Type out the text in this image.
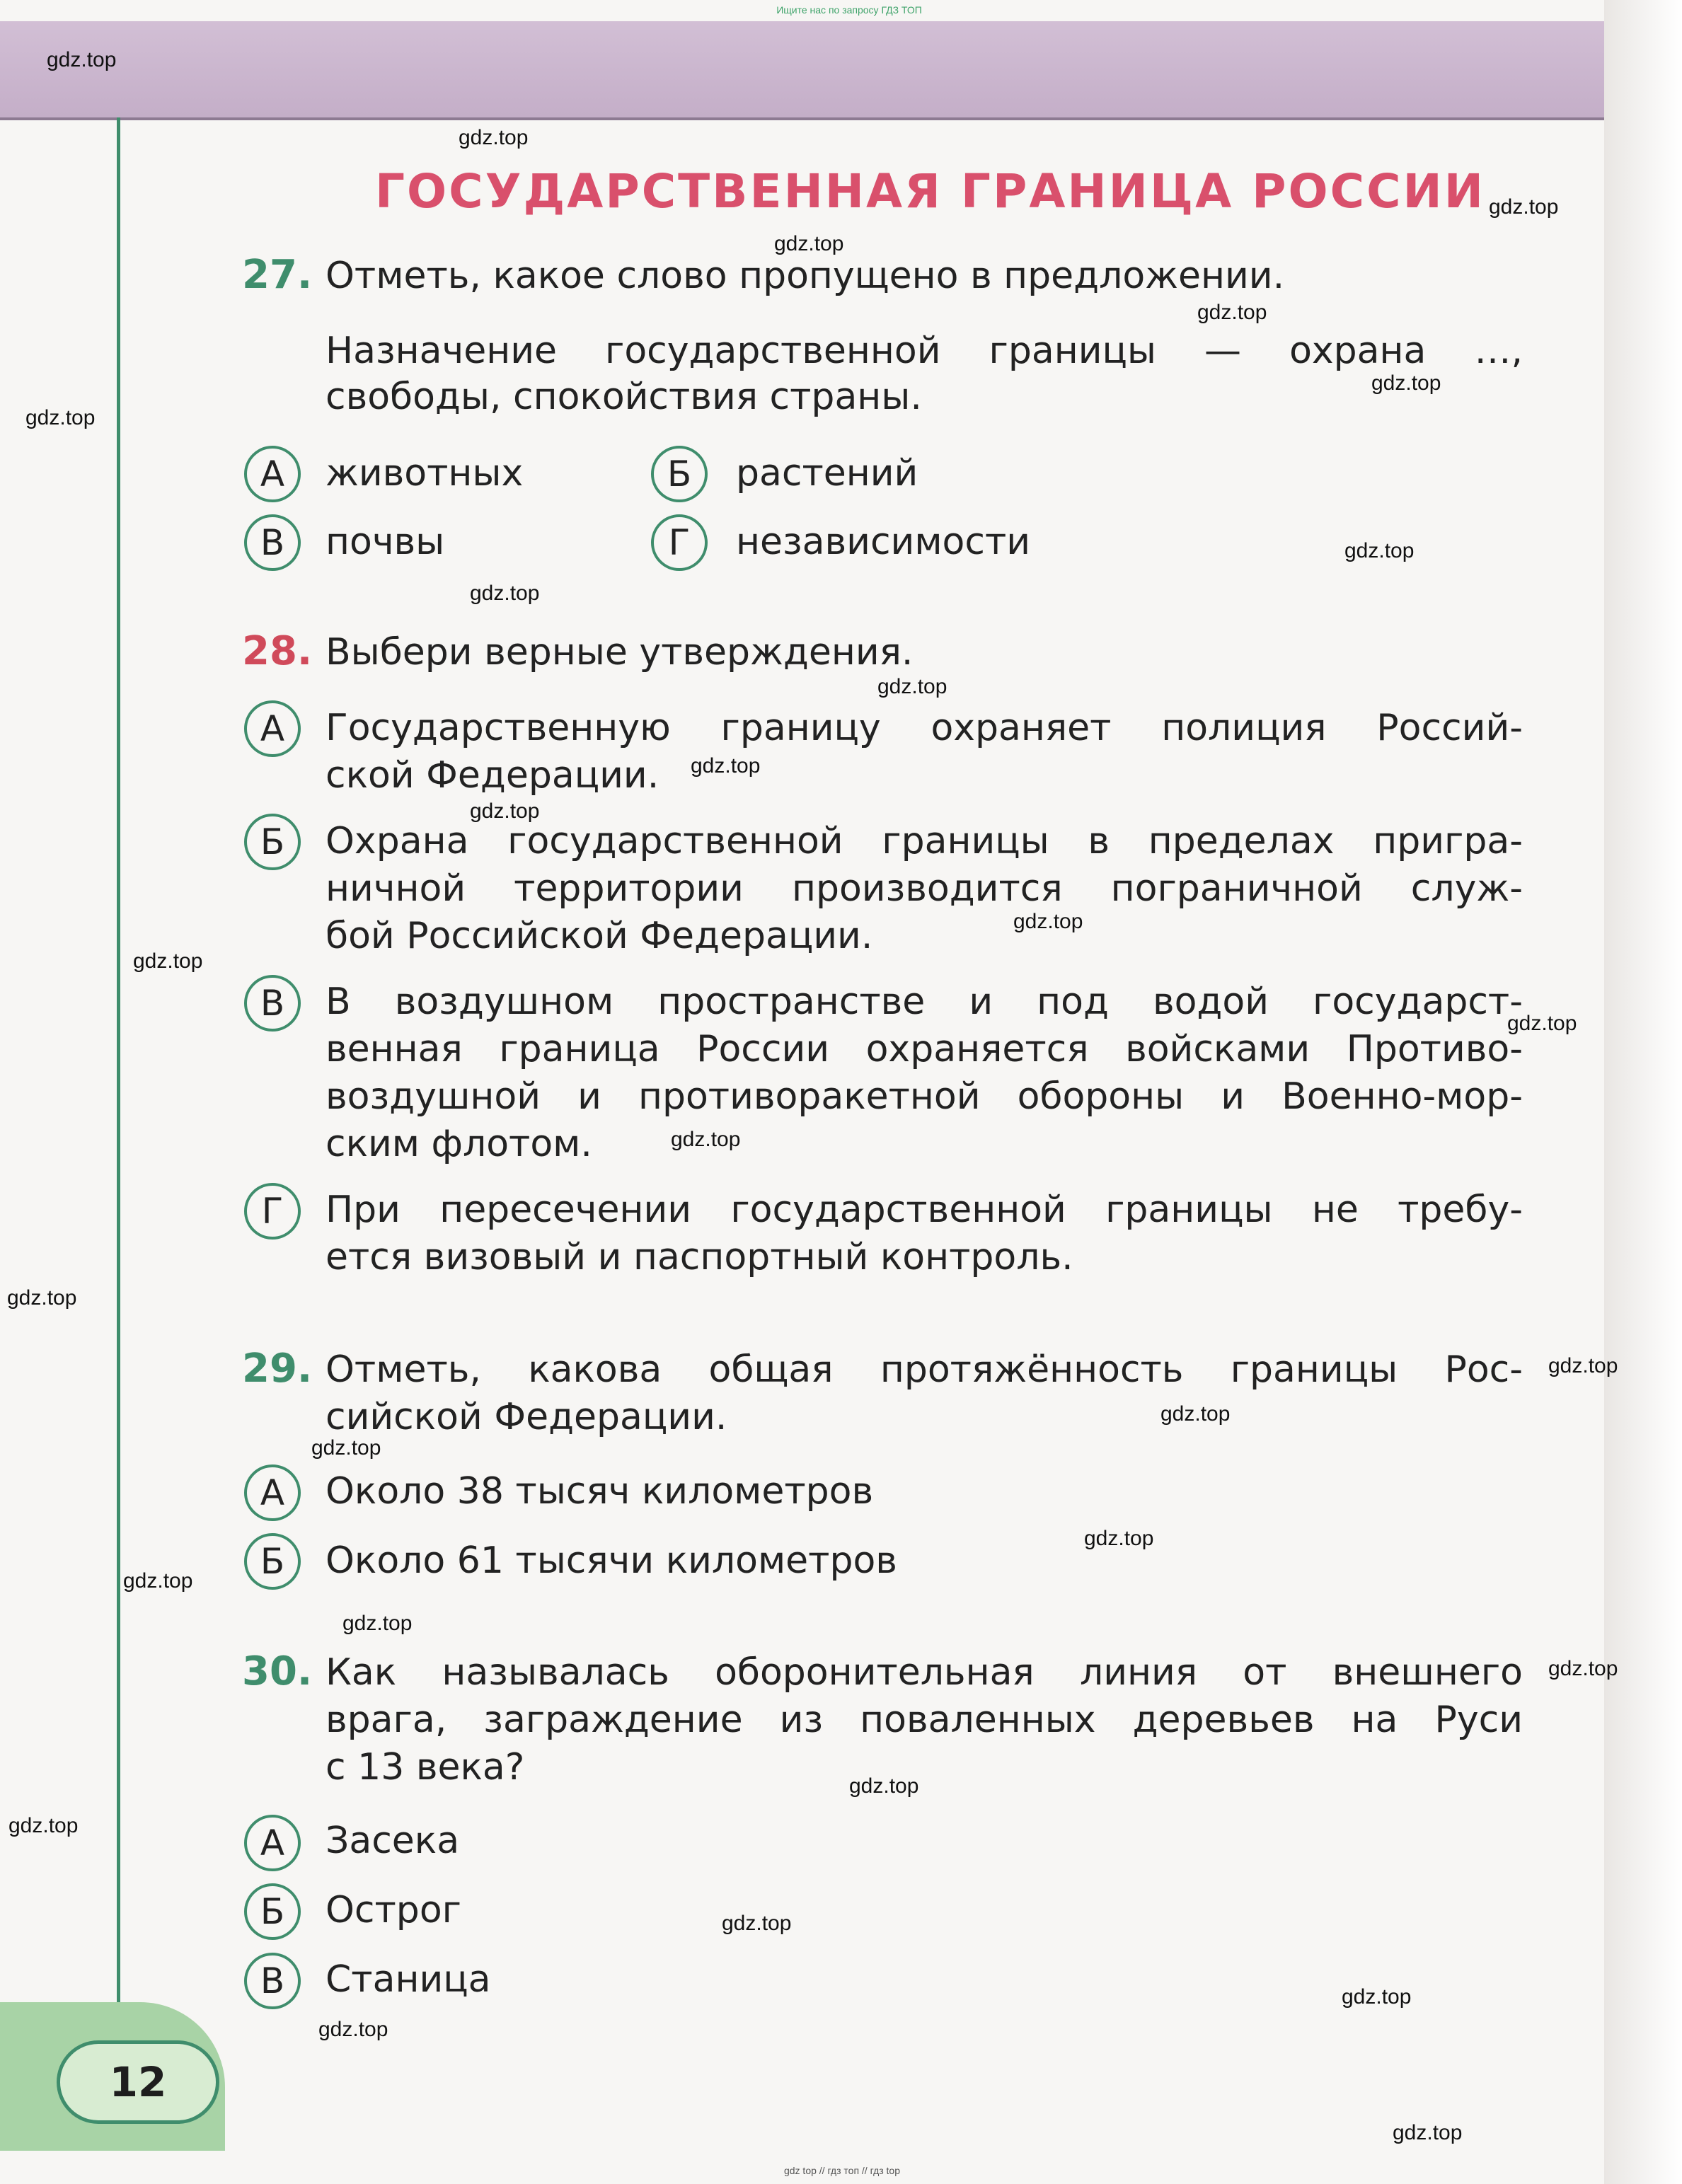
12
Ищите нас по запросу ГДЗ ТОП
gdz top // гдз топ // гдз top
ГОСУДАРСТВЕННАЯ ГРАНИЦА РОССИИ
27. Отметь, какое слово пропущено в предложении.
Назначение государственной границы — охрана …,
свободы, спокойствия страны.
А	животных	Б	растений
В	почвы	Г	независимости
28. Выбери верные утверждения.
А	Государственную границу охраняет полиция Россий-
ской Федерации.
Б	Охрана государственной границы в пределах пригра-
ничной территории производится пограничной служ-
бой Российской Федерации.
В	В воздушном пространстве и под водой государст-
венная граница России охраняется войсками Противо-
воздушной и противоракетной обороны и Военно-мор-
ским флотом.
Г	При пересечении государственной границы не требу-
ется визовый и паспортный контроль.
29. Отметь, какова общая протяжённость границы Рос-
сийской Федерации.
А	Около 38 тысяч километров
Б	Около 61 тысячи километров
30. Как называлась оборонительная линия от внешнего
врага, заграждение из поваленных деревьев на Руси
с 13 века?
А	Засека
Б	Острог
В	Станица
gdz.top
gdz.top
gdz.top
gdz.top
gdz.top
gdz.top
gdz.top
gdz.top
gdz.top
gdz.top
gdz.top
gdz.top
gdz.top
gdz.top
gdz.top
gdz.top
gdz.top
gdz.top
gdz.top
gdz.top
gdz.top
gdz.top
gdz.top
gdz.top
gdz.top
gdz.top
gdz.top
gdz.top
gdz.top
gdz.top
